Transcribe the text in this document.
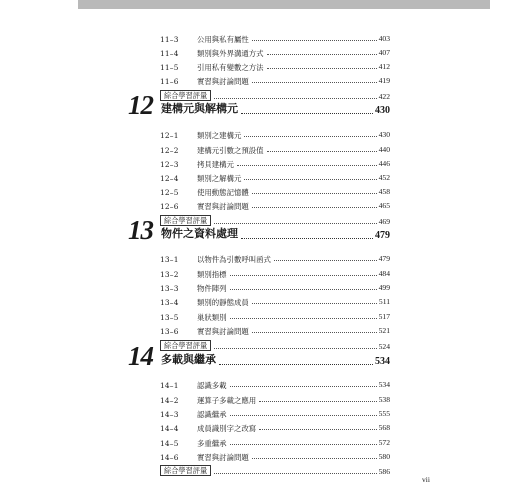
11–3	公用與私有屬性	403
11–4	類別與外界溝通方式	407
11–5	引用私有變數之方法	412
11–6	實習與討論問題	419
綜合學習評量	422
12 建構元與解構元	430
12–1	類別之建構元	430
12–2	建構元引數之預設值	440
12–3	拷貝建構元	446
12–4	類別之解構元	452
12–5	使用動態記憶體	458
12–6	實習與討論問題	465
綜合學習評量	469
13 物件之資料處理	479
13–1	以物件為引數呼叫函式	479
13–2	類別指標	484
13–3	物件陣列	499
13–4	類別的靜態成員	511
13–5	巢狀類別	517
13–6	實習與討論問題	521
綜合學習評量	524
14 多載與繼承	534
14–1	認識多載	534
14–2	運算子多載之應用	538
14–3	認識繼承	555
14–4	成員識別字之改寫	568
14–5	多重繼承	572
14–6	實習與討論問題	580
綜合學習評量	586
vii
